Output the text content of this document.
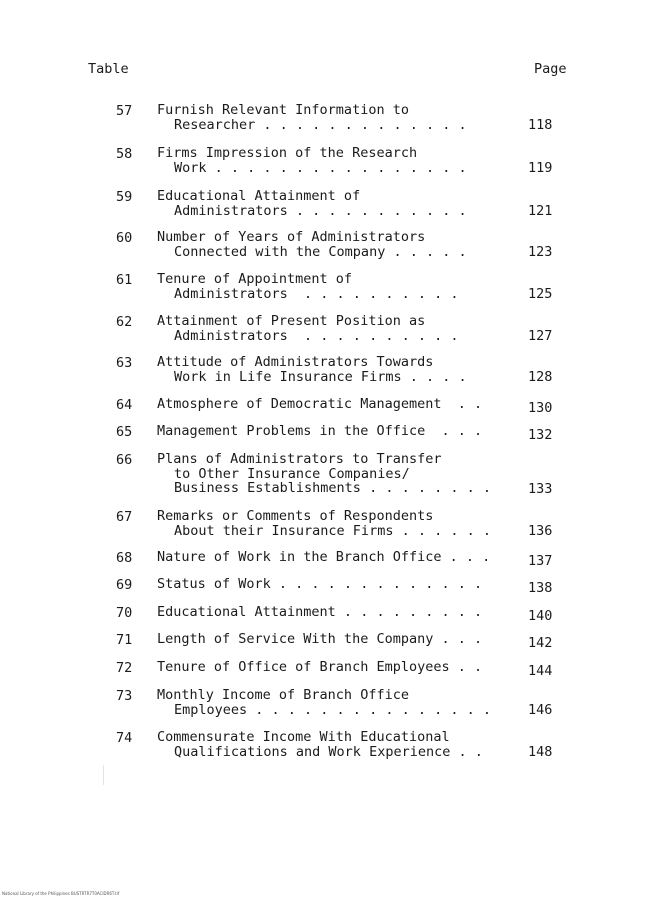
Table	Page
57 Furnish Relevant Information to
Researcher . . . . . . . . . . . . .	118
58 Firms Impression of the Research
Work . . . . . . . . . . . . . . . .	119
59 Educational Attainment of
Administrators . . . . . . . . . . .	121
60 Number of Years of Administrators
Connected with the Company . . . . .	123
61 Tenure of Appointment of
Administrators  . . . . . . . . . .	125
62 Attainment of Present Position as
Administrators  . . . . . . . . . .	127
63 Attitude of Administrators Towards
Work in Life Insurance Firms . . . .	128
64 Atmosphere of Democratic Management  . .	130
65 Management Problems in the Office  . . .	132
66 Plans of Administrators to Transfer
to Other Insurance Companies/
Business Establishments . . . . . . . .	133
67 Remarks or Comments of Respondents
About their Insurance Firms . . . . . .	136
68 Nature of Work in the Branch Office . . .	137
69 Status of Work . . . . . . . . . . . . .	138
70 Educational Attainment . . . . . . . . .	140
71 Length of Service With the Company . . .	142
72 Tenure of Office of Branch Employees . .	144
73 Monthly Income of Branch Office
Employees . . . . . . . . . . . . . . .	146
74 Commensurate Income With Educational
Qualifications and Work Experience . .	148
National Library of the Philippines BUSTRTR7T0ACIDR6T.tif
